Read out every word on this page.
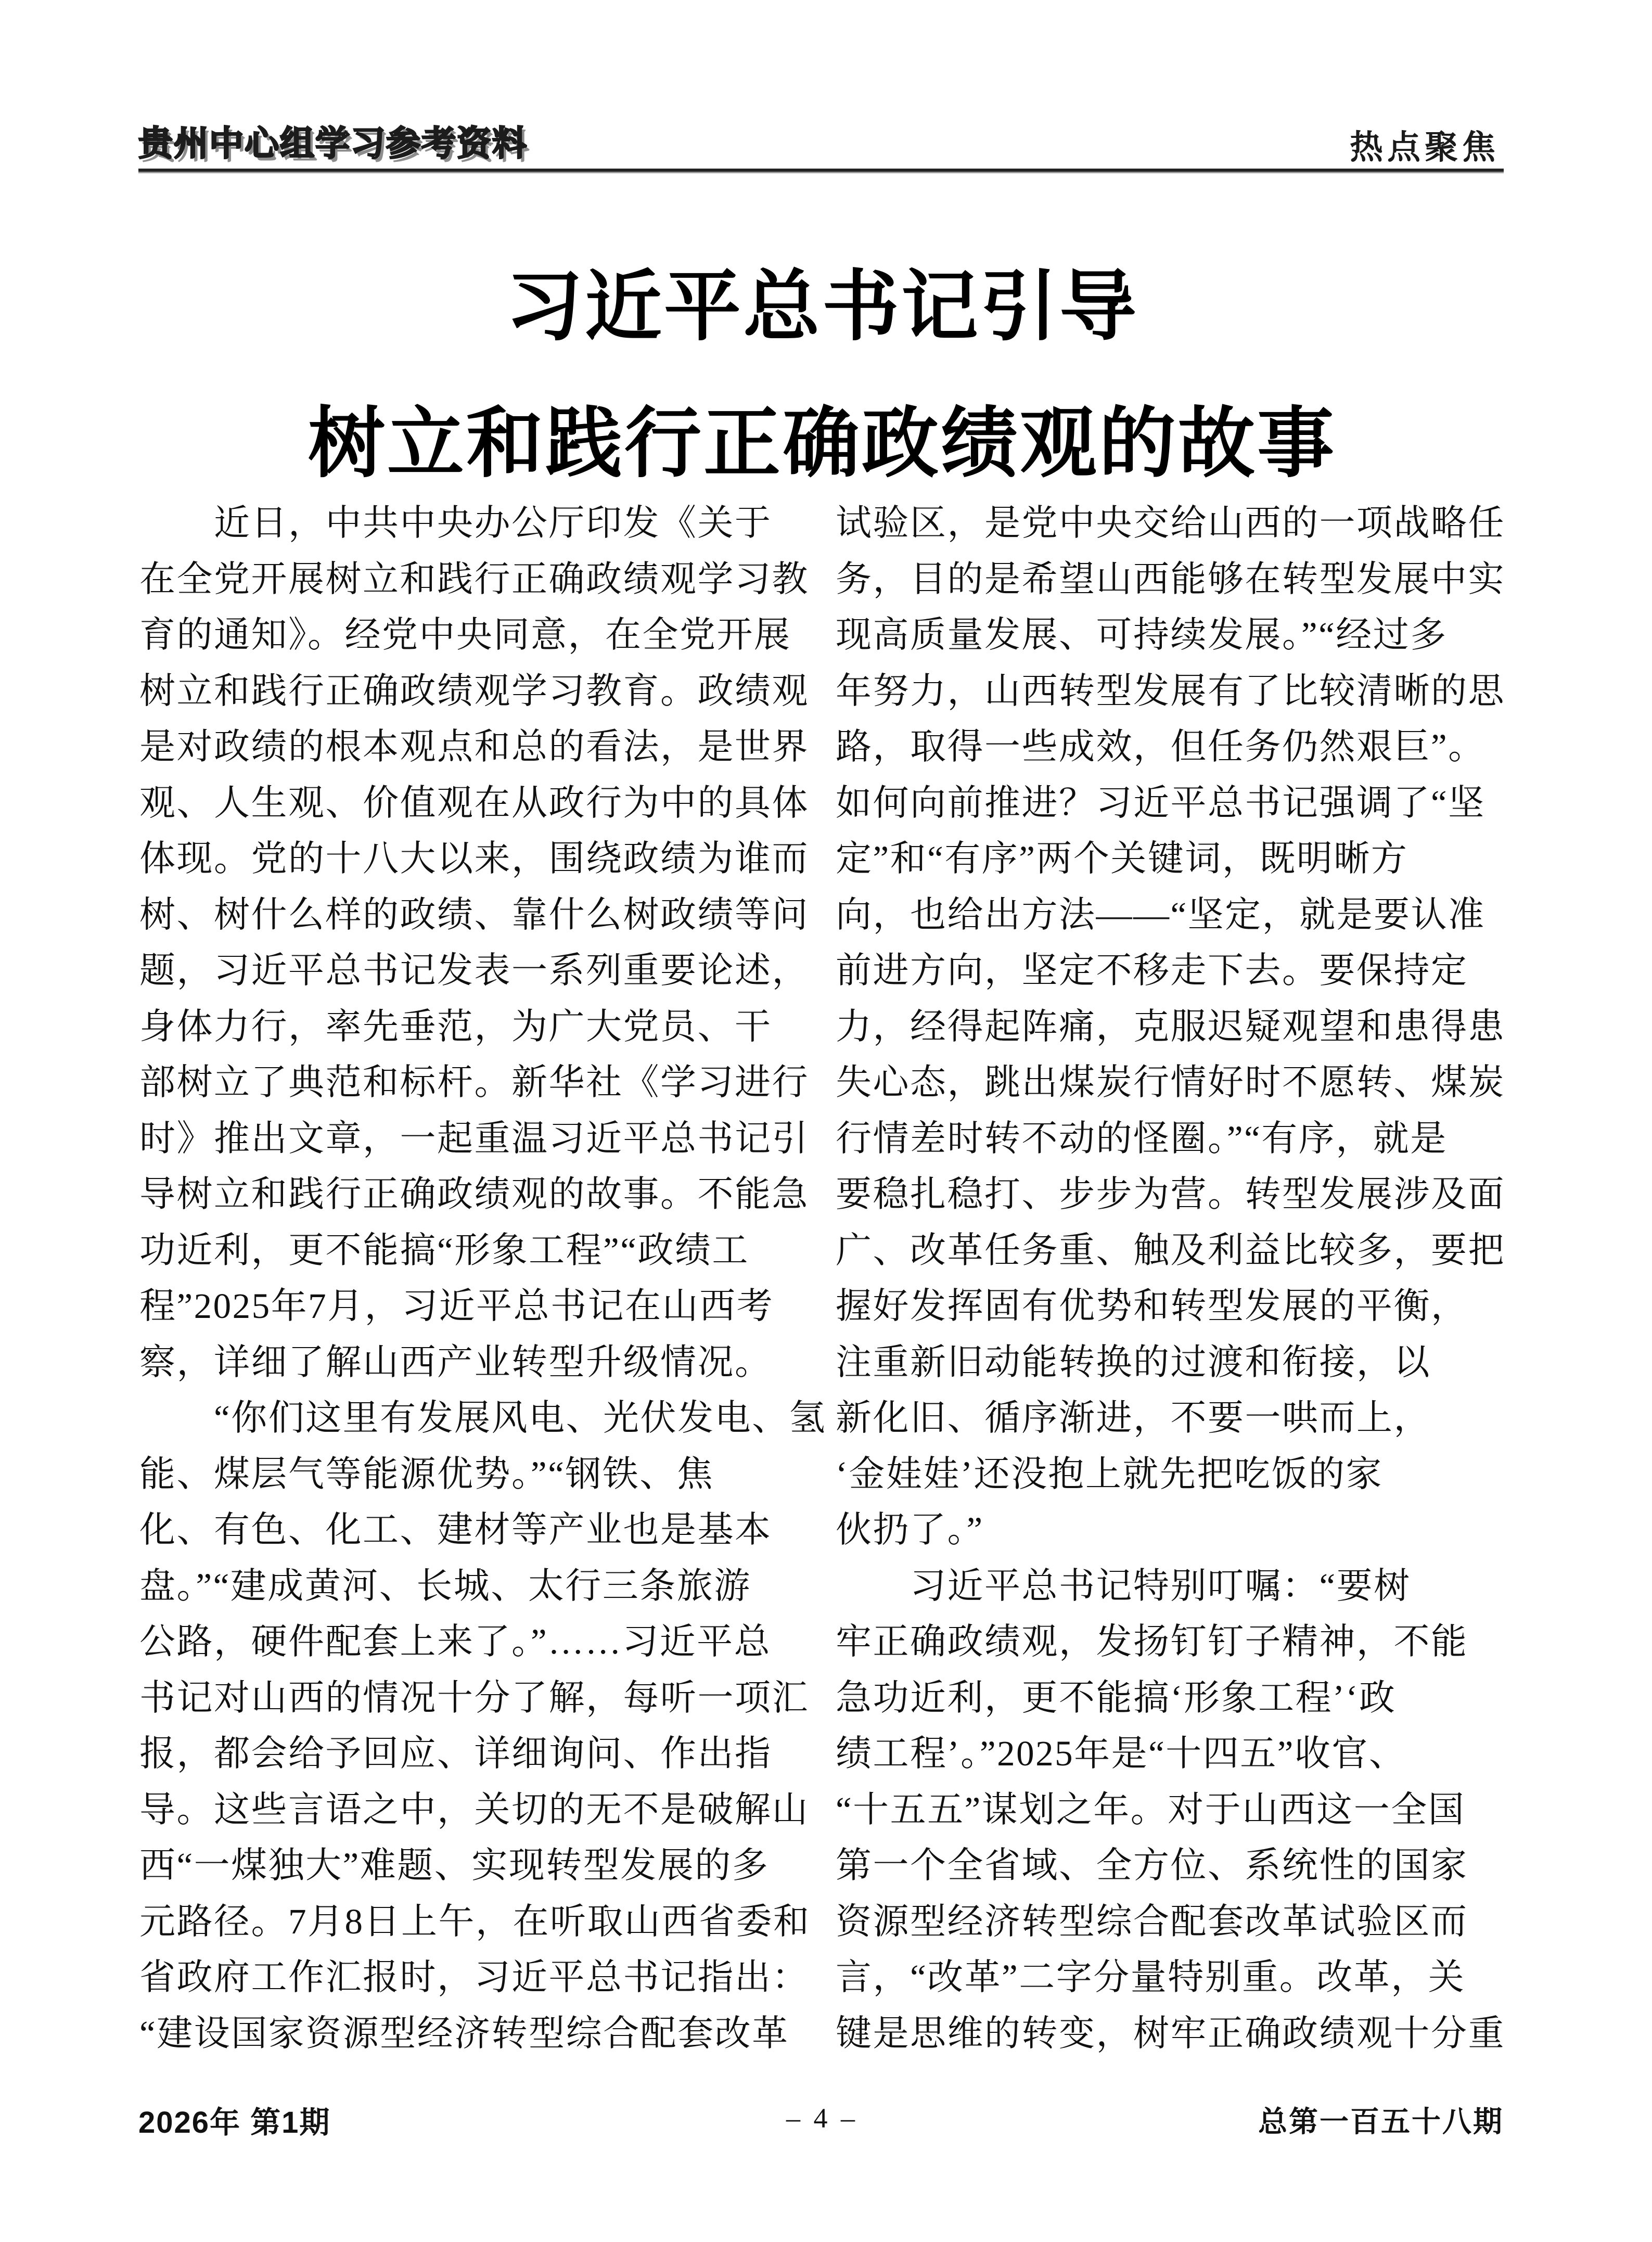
贵州中心组学习参考资料	热点聚焦
习近平总书记引导
树立和践行正确政绩观的故事
　　近日，中共中央办公厅印发《关于
在全党开展树立和践行正确政绩观学习教
育的通知》。经党中央同意，在全党开展
树立和践行正确政绩观学习教育。政绩观
是对政绩的根本观点和总的看法，是世界
观、人生观、价值观在从政行为中的具体
体现。党的十八大以来，围绕政绩为谁而
树、树什么样的政绩、靠什么树政绩等问
题，习近平总书记发表一系列重要论述，
身体力行，率先垂范，为广大党员、干
部树立了典范和标杆。新华社《学习进行
时》推出文章，一起重温习近平总书记引
导树立和践行正确政绩观的故事。不能急
功近利，更不能搞“形象工程”“政绩工
程”2025年7月，习近平总书记在山西考
察，详细了解山西产业转型升级情况。
　　“你们这里有发展风电、光伏发电、氢
能、煤层气等能源优势。”“钢铁、焦
化、有色、化工、建材等产业也是基本
盘。”“建成黄河、长城、太行三条旅游
公路，硬件配套上来了。”……习近平总
书记对山西的情况十分了解，每听一项汇
报，都会给予回应、详细询问、作出指
导。这些言语之中，关切的无不是破解山
西“一煤独大”难题、实现转型发展的多
元路径。7月8日上午，在听取山西省委和
省政府工作汇报时，习近平总书记指出：
“建设国家资源型经济转型综合配套改革
试验区，是党中央交给山西的一项战略任
务，目的是希望山西能够在转型发展中实
现高质量发展、可持续发展。”“经过多
年努力，山西转型发展有了比较清晰的思
路，取得一些成效，但任务仍然艰巨”。
如何向前推进？习近平总书记强调了“坚
定”和“有序”两个关键词，既明晰方
向，也给出方法——“坚定，就是要认准
前进方向，坚定不移走下去。要保持定
力，经得起阵痛，克服迟疑观望和患得患
失心态，跳出煤炭行情好时不愿转、煤炭
行情差时转不动的怪圈。”“有序，就是
要稳扎稳打、步步为营。转型发展涉及面
广、改革任务重、触及利益比较多，要把
握好发挥固有优势和转型发展的平衡，
注重新旧动能转换的过渡和衔接，以
新化旧、循序渐进，不要一哄而上，
‘金娃娃’还没抱上就先把吃饭的家
伙扔了。”
　　习近平总书记特别叮嘱：“要树
牢正确政绩观，发扬钉钉子精神，不能
急功近利，更不能搞‘形象工程’‘政
绩工程’。”2025年是“十四五”收官、
“十五五”谋划之年。对于山西这一全国
第一个全省域、全方位、系统性的国家
资源型经济转型综合配套改革试验区而
言，“改革”二字分量特别重。改革，关
键是思维的转变，树牢正确政绩观十分重
2026年 第1期	– 4 –	总第一百五十八期
